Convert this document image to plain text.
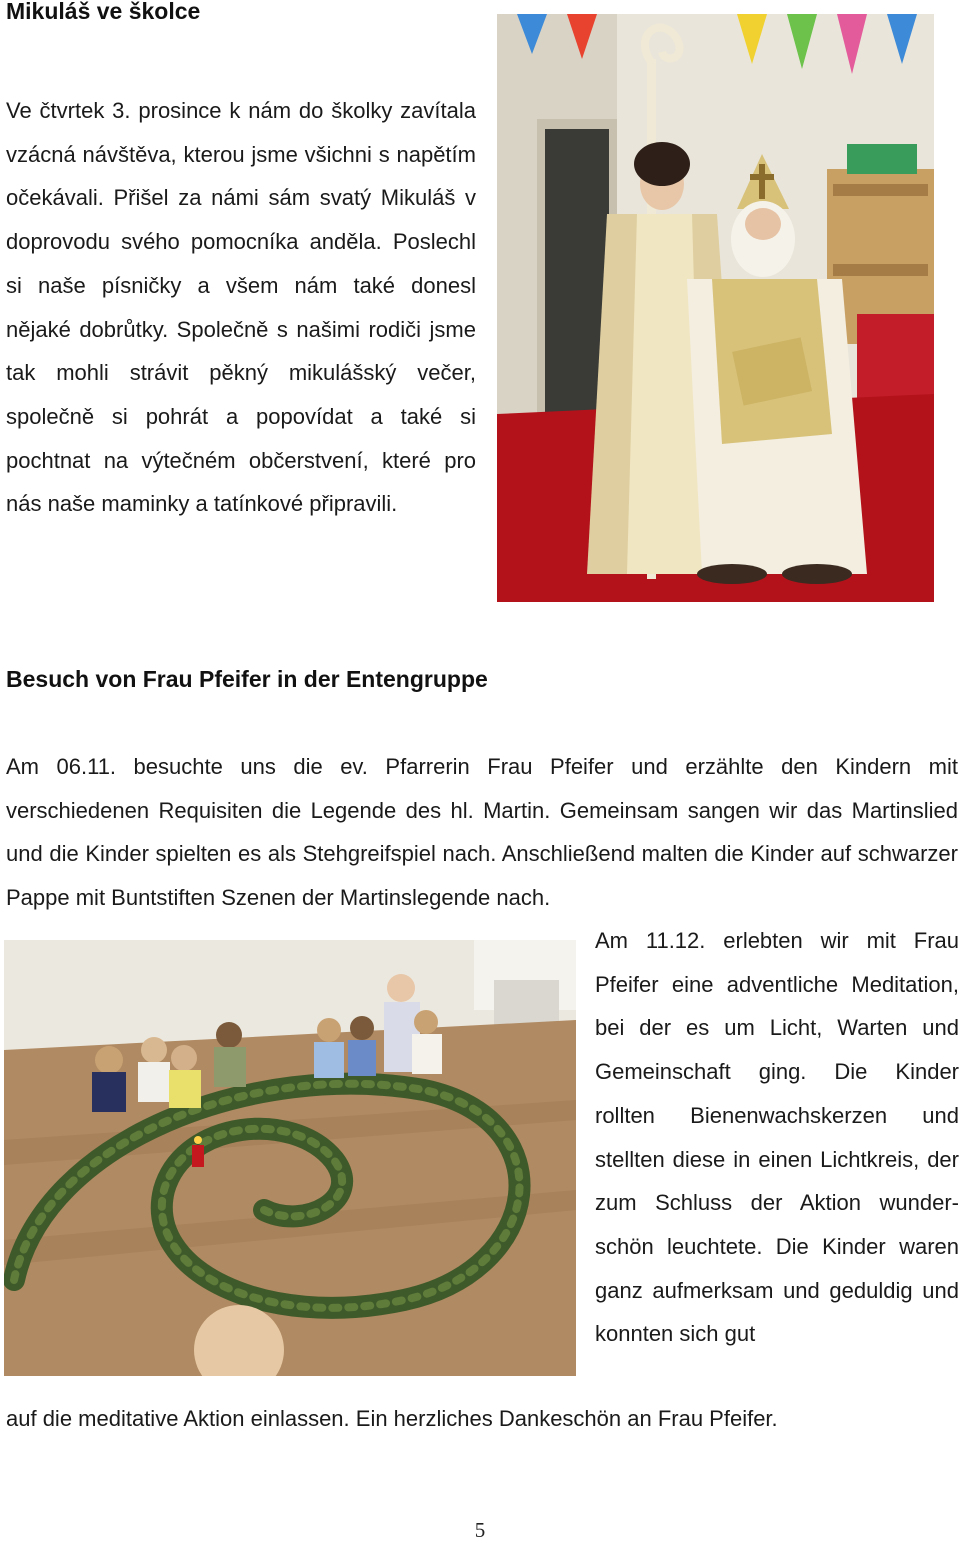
Mikuláš ve školce

Ve čtvrtek 3. prosince k nám do školky zavítala vzácná návštěva, kterou jsme všichni s napětím očekávali. Přišel za námi sám svatý Mikuláš v doprovodu svého pomocníka anděla. Poslechl si naše písničky a všem nám také donesl nějaké dobrůtky. Společně s našimi rodiči jsme tak mohli strávit pěkný mikulášský večer, společně si pohrát a popovídat a také si pochtnat na výtečném občerstvení, které pro nás naše maminky a tatínkové připravili.

Besuch von Frau Pfeifer in der Entengruppe

Am 06.11. besuchte uns die ev. Pfarrerin Frau Pfeifer und erzählte den Kindern mit verschiedenen Requisiten die Legende des hl. Martin. Gemeinsam sangen wir das Martinslied und die Kinder spielten es als Stehgreifspiel nach. Anschließend malten die Kinder auf schwarzer Pappe mit Buntstiften Szenen der Martinslegende nach.

Am 11.12. erlebten wir mit Frau Pfeifer eine adventliche Meditation, bei der es um Licht, Warten und Gemeinschaft ging. Die Kinder rollten Bienenwachskerzen und stellten diese in einen Lichtkreis, der zum Schluss der Aktion wunderschön leuchtete. Die Kinder waren ganz aufmerksam und geduldig und konnten sich gut

auf die meditative Aktion einlassen. Ein herzliches Dankeschön an Frau Pfeifer.

5
